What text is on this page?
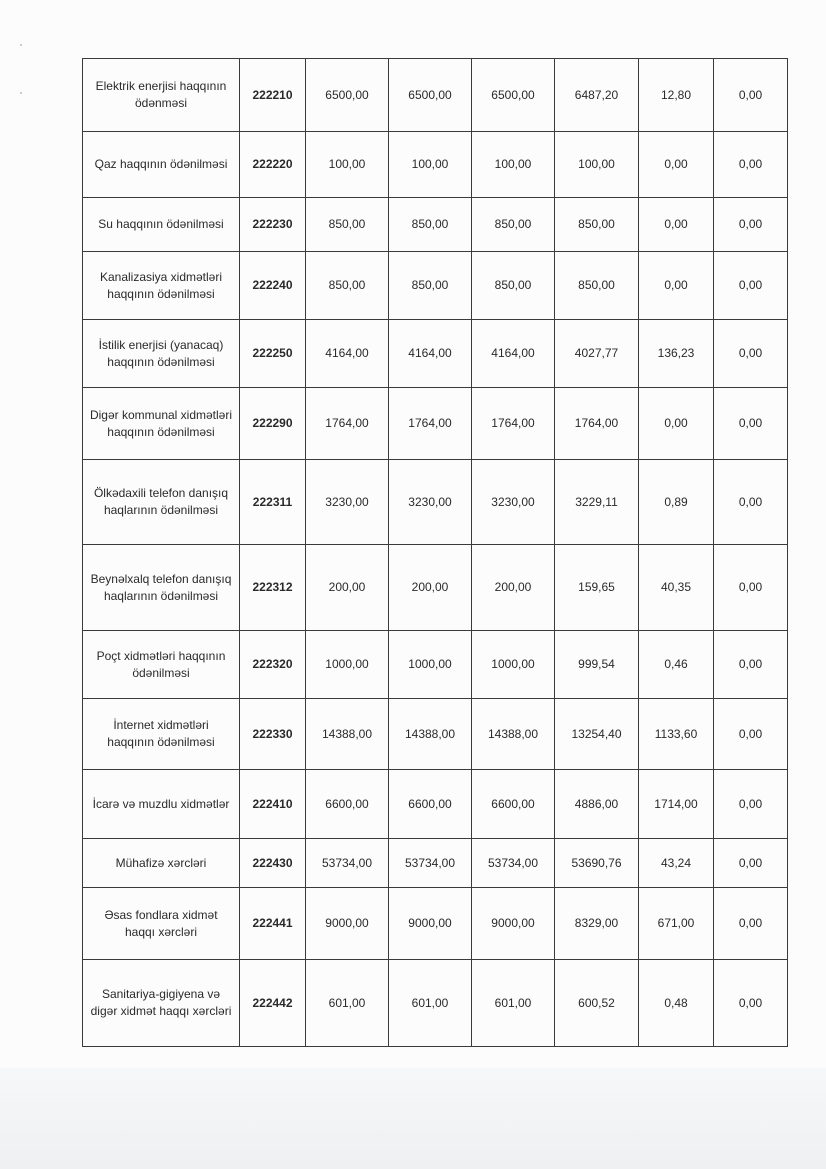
Elektrik enerjisi haqqının ödənməsi	222210	6500,00	6500,00	6500,00	6487,20	12,80	0,00
Qaz haqqının ödənilməsi	222220	100,00	100,00	100,00	100,00	0,00	0,00
Su haqqının ödənilməsi	222230	850,00	850,00	850,00	850,00	0,00	0,00
Kanalizasiya xidmətləri haqqının ödənilməsi	222240	850,00	850,00	850,00	850,00	0,00	0,00
İstilik enerjisi (yanacaq) haqqının ödənilməsi	222250	4164,00	4164,00	4164,00	4027,77	136,23	0,00
Digər kommunal xidmətləri haqqının ödənilməsi	222290	1764,00	1764,00	1764,00	1764,00	0,00	0,00
Ölkədaxili telefon danışıq haqlarının ödənilməsi	222311	3230,00	3230,00	3230,00	3229,11	0,89	0,00
Beynəlxalq telefon danışıq haqlarının ödənilməsi	222312	200,00	200,00	200,00	159,65	40,35	0,00
Poçt xidmətləri haqqının ödənilməsi	222320	1000,00	1000,00	1000,00	999,54	0,46	0,00
İnternet xidmətləri haqqının ödənilməsi	222330	14388,00	14388,00	14388,00	13254,40	1133,60	0,00
İcarə və muzdlu xidmətlər	222410	6600,00	6600,00	6600,00	4886,00	1714,00	0,00
Mühafizə xərcləri	222430	53734,00	53734,00	53734,00	53690,76	43,24	0,00
Əsas fondlara xidmət haqqı xərcləri	222441	9000,00	9000,00	9000,00	8329,00	671,00	0,00
Sanitariya-gigiyena və digər xidmət haqqı xərcləri	222442	601,00	601,00	601,00	600,52	0,48	0,00
